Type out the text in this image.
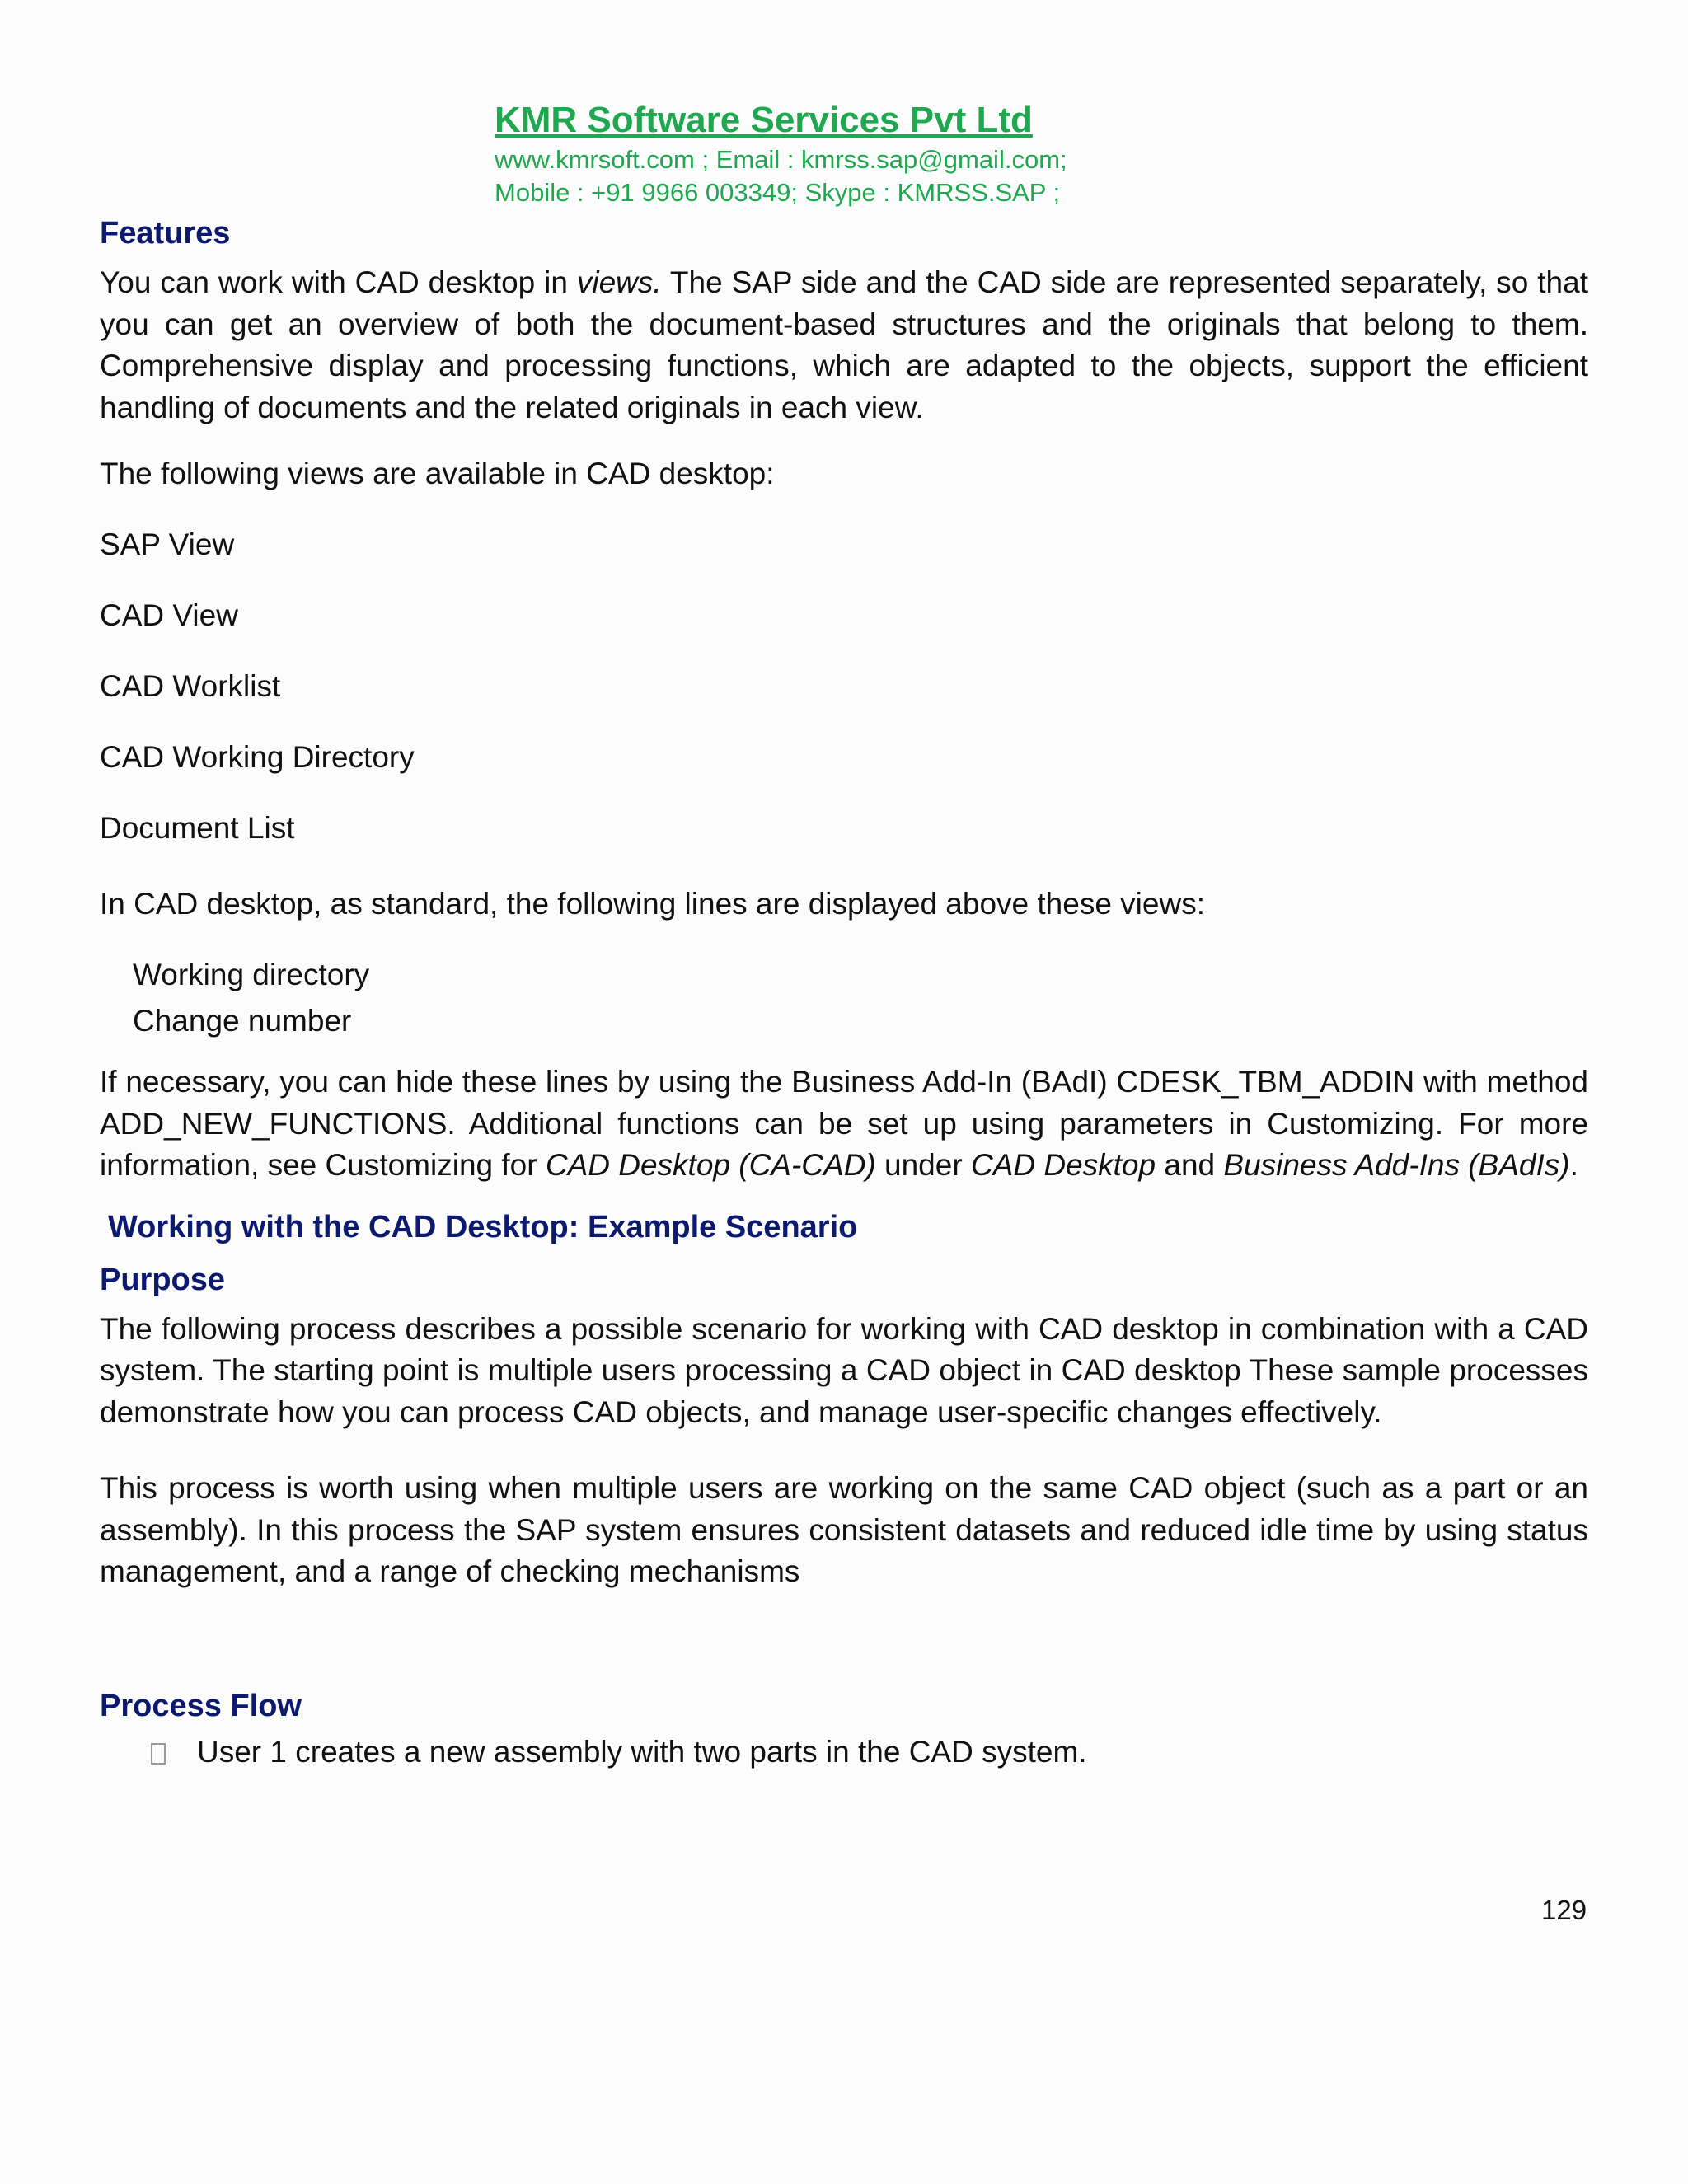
KMR Software Services Pvt Ltd

www.kmrsoft.com ; Email : kmrss.sap@gmail.com;

Mobile : +91 9966 003349; Skype : KMRSS.SAP ;

Features

You can work with CAD desktop in views. The SAP side and the CAD side are represented separately, so that you can get an overview of both the document-based structures and the originals that belong to them. Comprehensive display and processing functions, which are adapted to the objects, support the efficient handling of documents and the related originals in each view.

The following views are available in CAD desktop:

SAP View

CAD View

CAD Worklist

CAD Working Directory

Document List

In CAD desktop, as standard, the following lines are displayed above these views:

Working directory

Change number

If necessary, you can hide these lines by using the Business Add-In (BAdI) CDESK_TBM_ADDIN with method ADD_NEW_FUNCTIONS. Additional functions can be set up using parameters in Customizing. For more information, see Customizing for CAD Desktop (CA-CAD) under CAD Desktop and Business Add-Ins (BAdIs).

Working with the CAD Desktop: Example Scenario

Purpose

The following process describes a possible scenario for working with CAD desktop in combination with a CAD system. The starting point is multiple users processing a CAD object in CAD desktop These sample processes demonstrate how you can process CAD objects, and manage user-specific changes effectively.

This process is worth using when multiple users are working on the same CAD object (such as a part or an assembly). In this process the SAP system ensures consistent datasets and reduced idle time by using status management, and a range of checking mechanisms

Process Flow

User 1 creates a new assembly with two parts in the CAD system.
129
